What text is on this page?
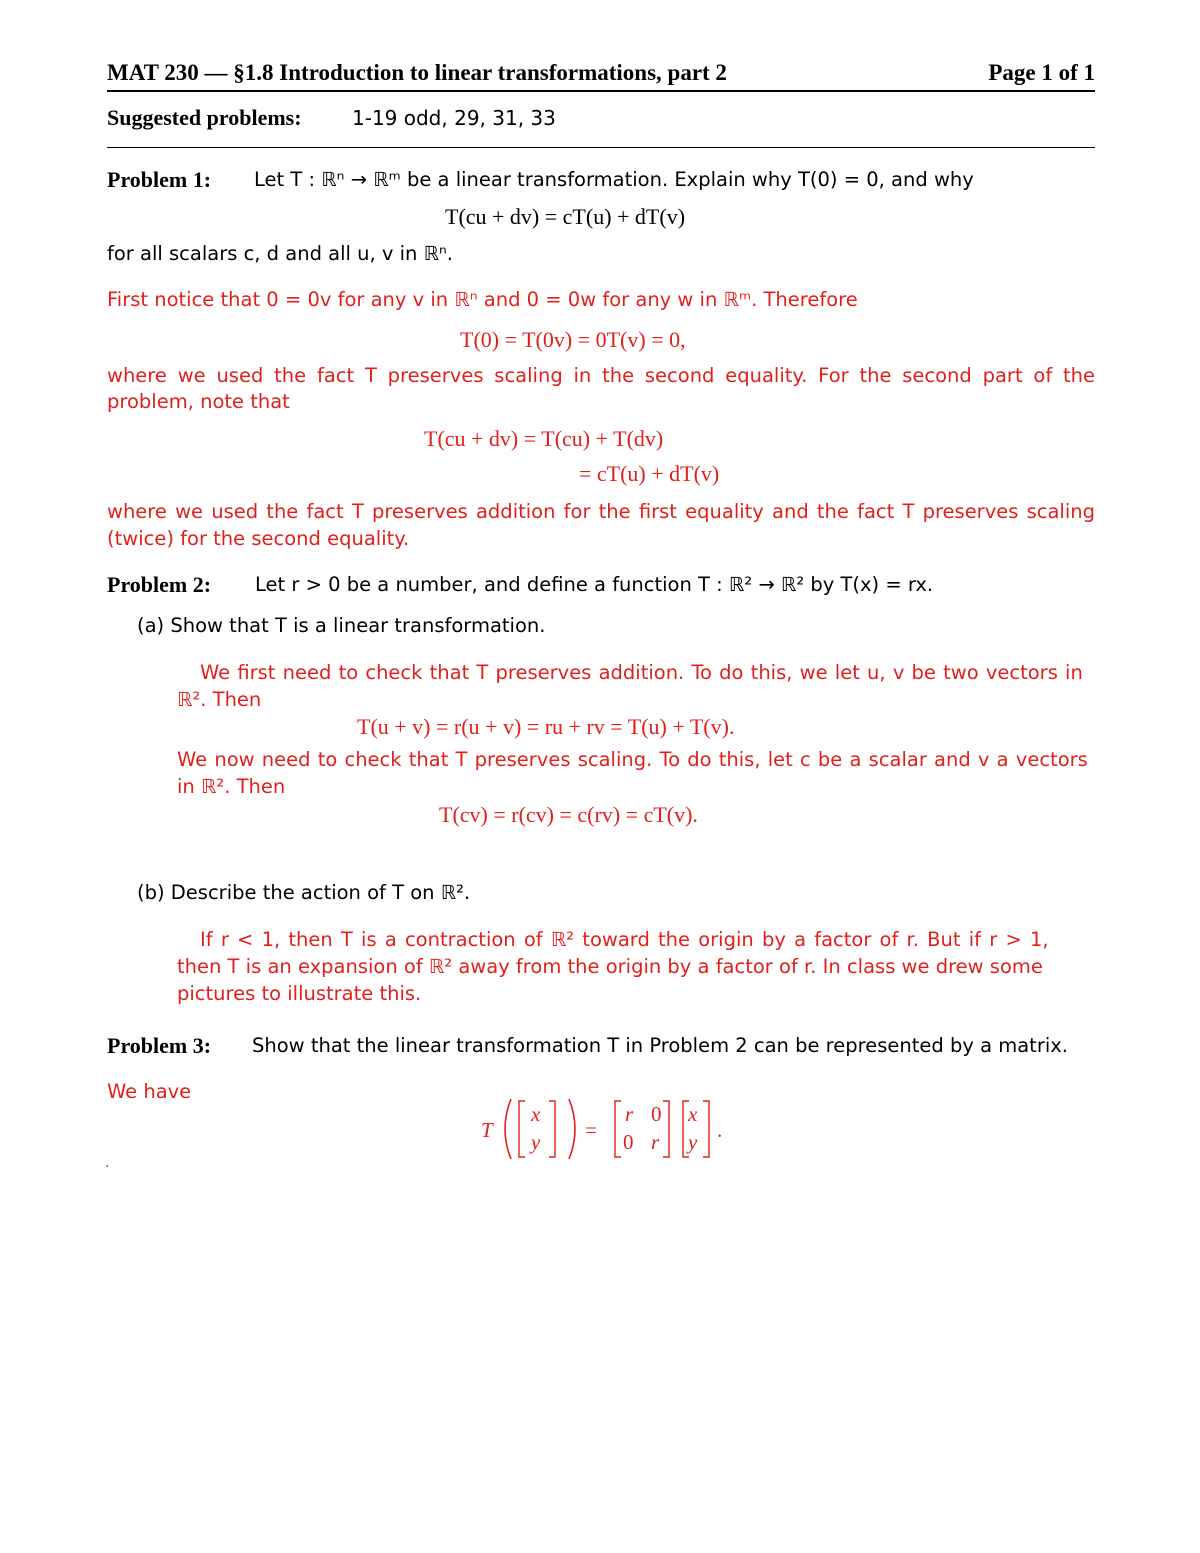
MAT 230 — §1.8 Introduction to linear transformations, part 2	Page 1 of 1
Suggested problems:	1-19 odd, 29, 31, 33
Problem 1: Let T : ℝⁿ → ℝᵐ be a linear transformation. Explain why T(0) = 0, and why
T(cu + dv) = cT(u) + dT(v)
for all scalars c, d and all u, v in ℝⁿ.
First notice that 0 = 0v for any v in ℝⁿ and 0 = 0w for any w in ℝᵐ. Therefore
T(0) = T(0v) = 0T(v) = 0,
where we used the fact T preserves scaling in the second equality. For the second part of the
problem, note that
T(cu + dv) = T(cu) + T(dv)
= cT(u) + dT(v)
where we used the fact T preserves addition for the first equality and the fact T preserves scaling
(twice) for the second equality.
Problem 2: Let r > 0 be a number, and define a function T : ℝ² → ℝ² by T(x) = rx.
(a) Show that T is a linear transformation.
We first need to check that T preserves addition. To do this, we let u, v be two vectors in
ℝ². Then
T(u + v) = r(u + v) = ru + rv = T(u) + T(v).
We now need to check that T preserves scaling. To do this, let c be a scalar and v a vectors
in ℝ². Then
T(cv) = r(cv) = c(rv) = cT(v).
(b) Describe the action of T on ℝ².
If r < 1, then T is a contraction of ℝ² toward the origin by a factor of r. But if r > 1,
then T is an expansion of ℝ² away from the origin by a factor of r. In class we drew some
pictures to illustrate this.
Problem 3: Show that the linear transformation T in Problem 2 can be represented by a matrix.
We have
T
x
y =
r 0
0 r
x
y .
.
